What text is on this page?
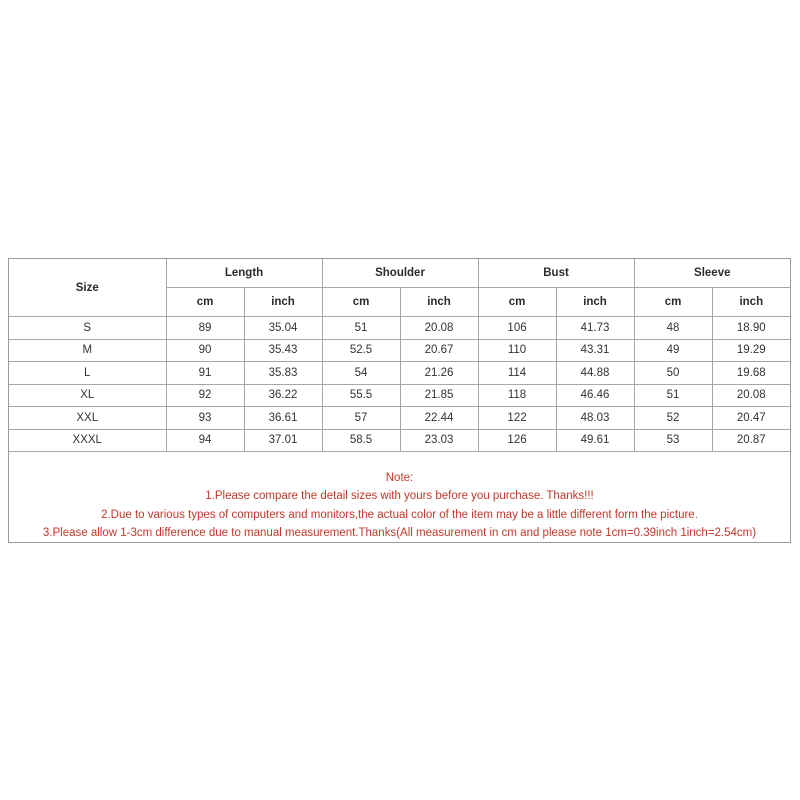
Size	Length		Shoulder		Bust		Sleeve	
	cm	inch	cm	inch	cm	inch	cm	inch
S	89	35.04	51	20.08	106	41.73	48	18.90
M	90	35.43	52.5	20.67	110	43.31	49	19.29
L	91	35.83	54	21.26	114	44.88	50	19.68
XL	92	36.22	55.5	21.85	118	46.46	51	20.08
XXL	93	36.61	57	22.44	122	48.03	52	20.47
XXXL	94	37.01	58.5	23.03	126	49.61	53	20.87
Note:
1.Please compare the detail sizes with yours before you purchase. Thanks!!!
2.Due to various types of computers and monitors,the actual color of the item may be a little different form the picture.
3.Please allow 1-3cm difference due to manual measurement.Thanks(All measurement in cm and please note 1cm=0.39inch 1inch=2.54cm)
